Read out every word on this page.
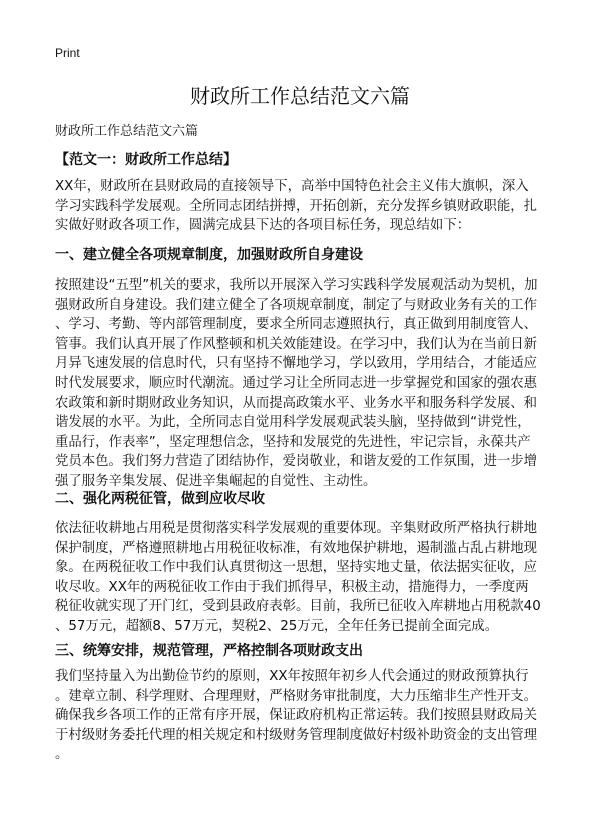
Print
财政所工作总结范文六篇
财政所工作总结范文六篇
【范文一：财政所工作总结】
XX年，财政所在县财政局的直接领导下，高举中国特色社会主义伟大旗帜，深入
学习实践科学发展观。全所同志团结拼搏，开拓创新，充分发挥乡镇财政职能，扎
实做好财政各项工作，圆满完成县下达的各项目标任务，现总结如下：
一、建立健全各项规章制度，加强财政所自身建设
按照建设“五型”机关的要求，我所以开展深入学习实践科学发展观活动为契机，加
强财政所自身建设。我们建立健全了各项规章制度，制定了与财政业务有关的工作
、学习、考勤、等内部管理制度，要求全所同志遵照执行，真正做到用制度管人、
管事。我们认真开展了作风整顿和机关效能建设。在学习中，我们认为在当前日新
月异飞速发展的信息时代，只有坚持不懈地学习，学以致用，学用结合，才能适应
时代发展要求，顺应时代潮流。通过学习让全所同志进一步掌握党和国家的强农惠
农政策和新时期财政业务知识，从而提高政策水平、业务水平和服务科学发展、和
谐发展的水平。为此，全所同志自觉用科学发展观武装头脑，坚持做到“讲党性，
重品行，作表率”，坚定理想信念，坚持和发展党的先进性，牢记宗旨，永葆共产
党员本色。我们努力营造了团结协作，爱岗敬业，和谐友爱的工作氛围，进一步增
强了服务辛集发展、促进辛集崛起的自觉性、主动性。
二、强化两税征管，做到应收尽收
依法征收耕地占用税是贯彻落实科学发展观的重要体现。辛集财政所严格执行耕地
保护制度，严格遵照耕地占用税征收标准，有效地保护耕地，遏制滥占乱占耕地现
象。在两税征收工作中我们认真贯彻这一思想，坚持实地丈量，依法据实征收，应
收尽收。XX年的两税征收工作由于我们抓得早，积极主动，措施得力，一季度两
税征收就实现了开门红，受到县政府表彰。目前，我所已征收入库耕地占用税款40
、57万元，超额8、57万元，契税2、25万元，全年任务已提前全面完成。
三、统筹安排，规范管理，严格控制各项财政支出
我们坚持量入为出勤俭节约的原则，XX年按照年初乡人代会通过的财政预算执行
。建章立制、科学理财、合理理财，严格财务审批制度，大力压缩非生产性开支。
确保我乡各项工作的正常有序开展，保证政府机构正常运转。我们按照县财政局关
于村级财务委托代理的相关规定和村级财务管理制度做好村级补助资金的支出管理
。
